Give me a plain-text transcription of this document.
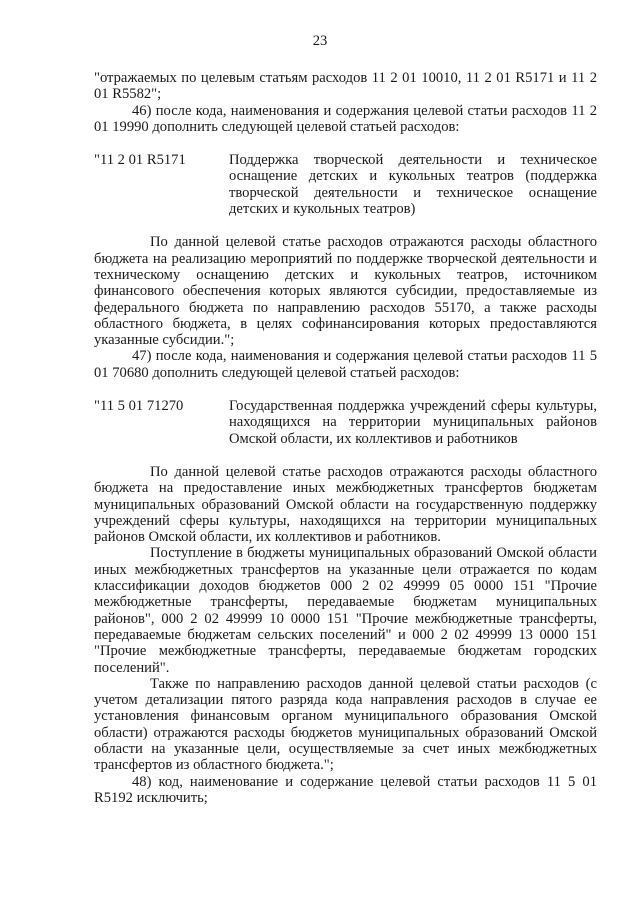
23

"отражаемых по целевым статьям расходов 11 2 01 10010, 11 2 01 R5171 и 11 2 01 R5582";

46) после кода, наименования и содержания целевой статьи расходов 11 2 01 19990 дополнить следующей целевой статьей расходов:

"11 2 01 R5171	Поддержка творческой деятельности и техническое оснащение детских и кукольных театров (поддержка творческой деятельности и техническое оснащение детских и кукольных театров)

По данной целевой статье расходов отражаются расходы областного бюджета на реализацию мероприятий по поддержке творческой деятельности и техническому оснащению детских и кукольных театров, источником финансового обеспечения которых являются субсидии, предоставляемые из федерального бюджета по направлению расходов 55170, а также расходы областного бюджета, в целях софинансирования которых предоставляются указанные субсидии.";

47) после кода, наименования и содержания целевой статьи расходов 11 5 01 70680 дополнить следующей целевой статьей расходов:

"11 5 01 71270	Государственная поддержка учреждений сферы культуры, находящихся на территории муниципальных районов Омской области, их коллективов и работников

По данной целевой статье расходов отражаются расходы областного бюджета на предоставление иных межбюджетных трансфертов бюджетам муниципальных образований Омской области на государственную поддержку учреждений сферы культуры, находящихся на территории муниципальных районов Омской области, их коллективов и работников.

Поступление в бюджеты муниципальных образований Омской области иных межбюджетных трансфертов на указанные цели отражается по кодам классификации доходов бюджетов 000 2 02 49999 05 0000 151 "Прочие межбюджетные трансферты, передаваемые бюджетам муниципальных районов", 000 2 02 49999 10 0000 151 "Прочие межбюджетные трансферты, передаваемые бюджетам сельских поселений" и 000 2 02 49999 13 0000 151 "Прочие межбюджетные трансферты, передаваемые бюджетам городских поселений".

Также по направлению расходов данной целевой статьи расходов (с учетом детализации пятого разряда кода направления расходов в случае ее установления финансовым органом муниципального образования Омской области) отражаются расходы бюджетов муниципальных образований Омской области на указанные цели, осуществляемые за счет иных межбюджетных трансфертов из областного бюджета.";

48) код, наименование и содержание целевой статьи расходов 11 5 01 R5192 исключить;
